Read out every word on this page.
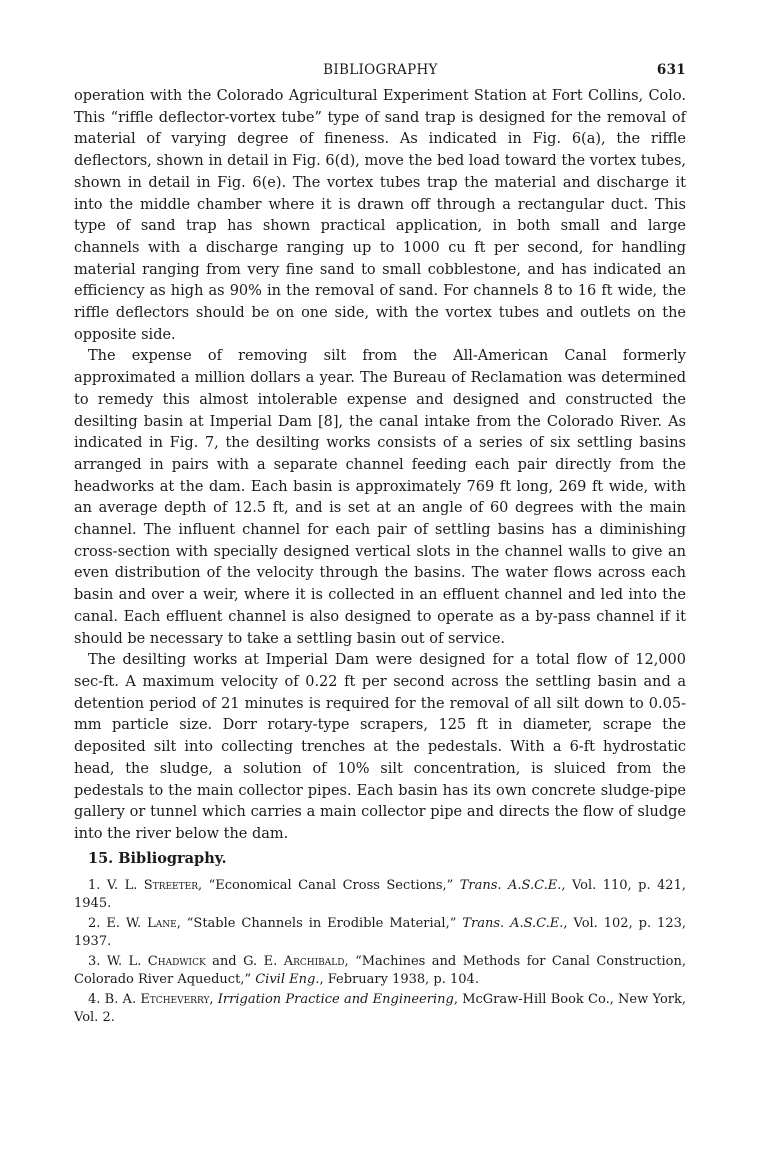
BIBLIOGRAPHY	631

operation with the Colorado Agricultural Experiment Station at Fort Collins, Colo. This “riffle deflector-vortex tube” type of sand trap is designed for the removal of material of varying degree of fineness. As indicated in Fig. 6(a), the riffle deflectors, shown in detail in Fig. 6(d), move the bed load toward the vortex tubes, shown in detail in Fig. 6(e). The vortex tubes trap the material and discharge it into the middle chamber where it is drawn off through a rectangular duct. This type of sand trap has shown practical application, in both small and large channels with a discharge ranging up to 1000 cu ft per second, for handling material ranging from very fine sand to small cobblestone, and has indicated an efficiency as high as 90% in the removal of sand. For channels 8 to 16 ft wide, the riffle deflectors should be on one side, with the vortex tubes and outlets on the opposite side.

The expense of removing silt from the All-American Canal formerly approximated a million dollars a year. The Bureau of Reclamation was determined to remedy this almost intolerable expense and designed and constructed the desilting basin at Imperial Dam [8], the canal intake from the Colorado River. As indicated in Fig. 7, the desilting works consists of a series of six settling basins arranged in pairs with a separate channel feeding each pair directly from the headworks at the dam. Each basin is approximately 769 ft long, 269 ft wide, with an average depth of 12.5 ft, and is set at an angle of 60 degrees with the main channel. The influent channel for each pair of settling basins has a diminishing cross-section with specially designed vertical slots in the channel walls to give an even distribution of the velocity through the basins. The water flows across each basin and over a weir, where it is collected in an effluent channel and led into the canal. Each effluent channel is also designed to operate as a by-pass channel if it should be necessary to take a settling basin out of service.

The desilting works at Imperial Dam were designed for a total flow of 12,000 sec-ft. A maximum velocity of 0.22 ft per second across the settling basin and a detention period of 21 minutes is required for the removal of all silt down to 0.05-mm particle size. Dorr rotary-type scrapers, 125 ft in diameter, scrape the deposited silt into collecting trenches at the pedestals. With a 6-ft hydrostatic head, the sludge, a solution of 10% silt concentration, is sluiced from the pedestals to the main collector pipes. Each basin has its own concrete sludge-pipe gallery or tunnel which carries a main collector pipe and directs the flow of sludge into the river below the dam.

15. Bibliography.

1. V. L. Streeter, “Economical Canal Cross Sections,” Trans. A.S.C.E., Vol. 110, p. 421, 1945.

2. E. W. Lane, “Stable Channels in Erodible Material,” Trans. A.S.C.E., Vol. 102, p. 123, 1937.

3. W. L. Chadwick and G. E. Archibald, “Machines and Methods for Canal Construction, Colorado River Aqueduct,” Civil Eng., February 1938, p. 104.

4. B. A. Etcheverry, Irrigation Practice and Engineering, McGraw-Hill Book Co., New York, Vol. 2.
